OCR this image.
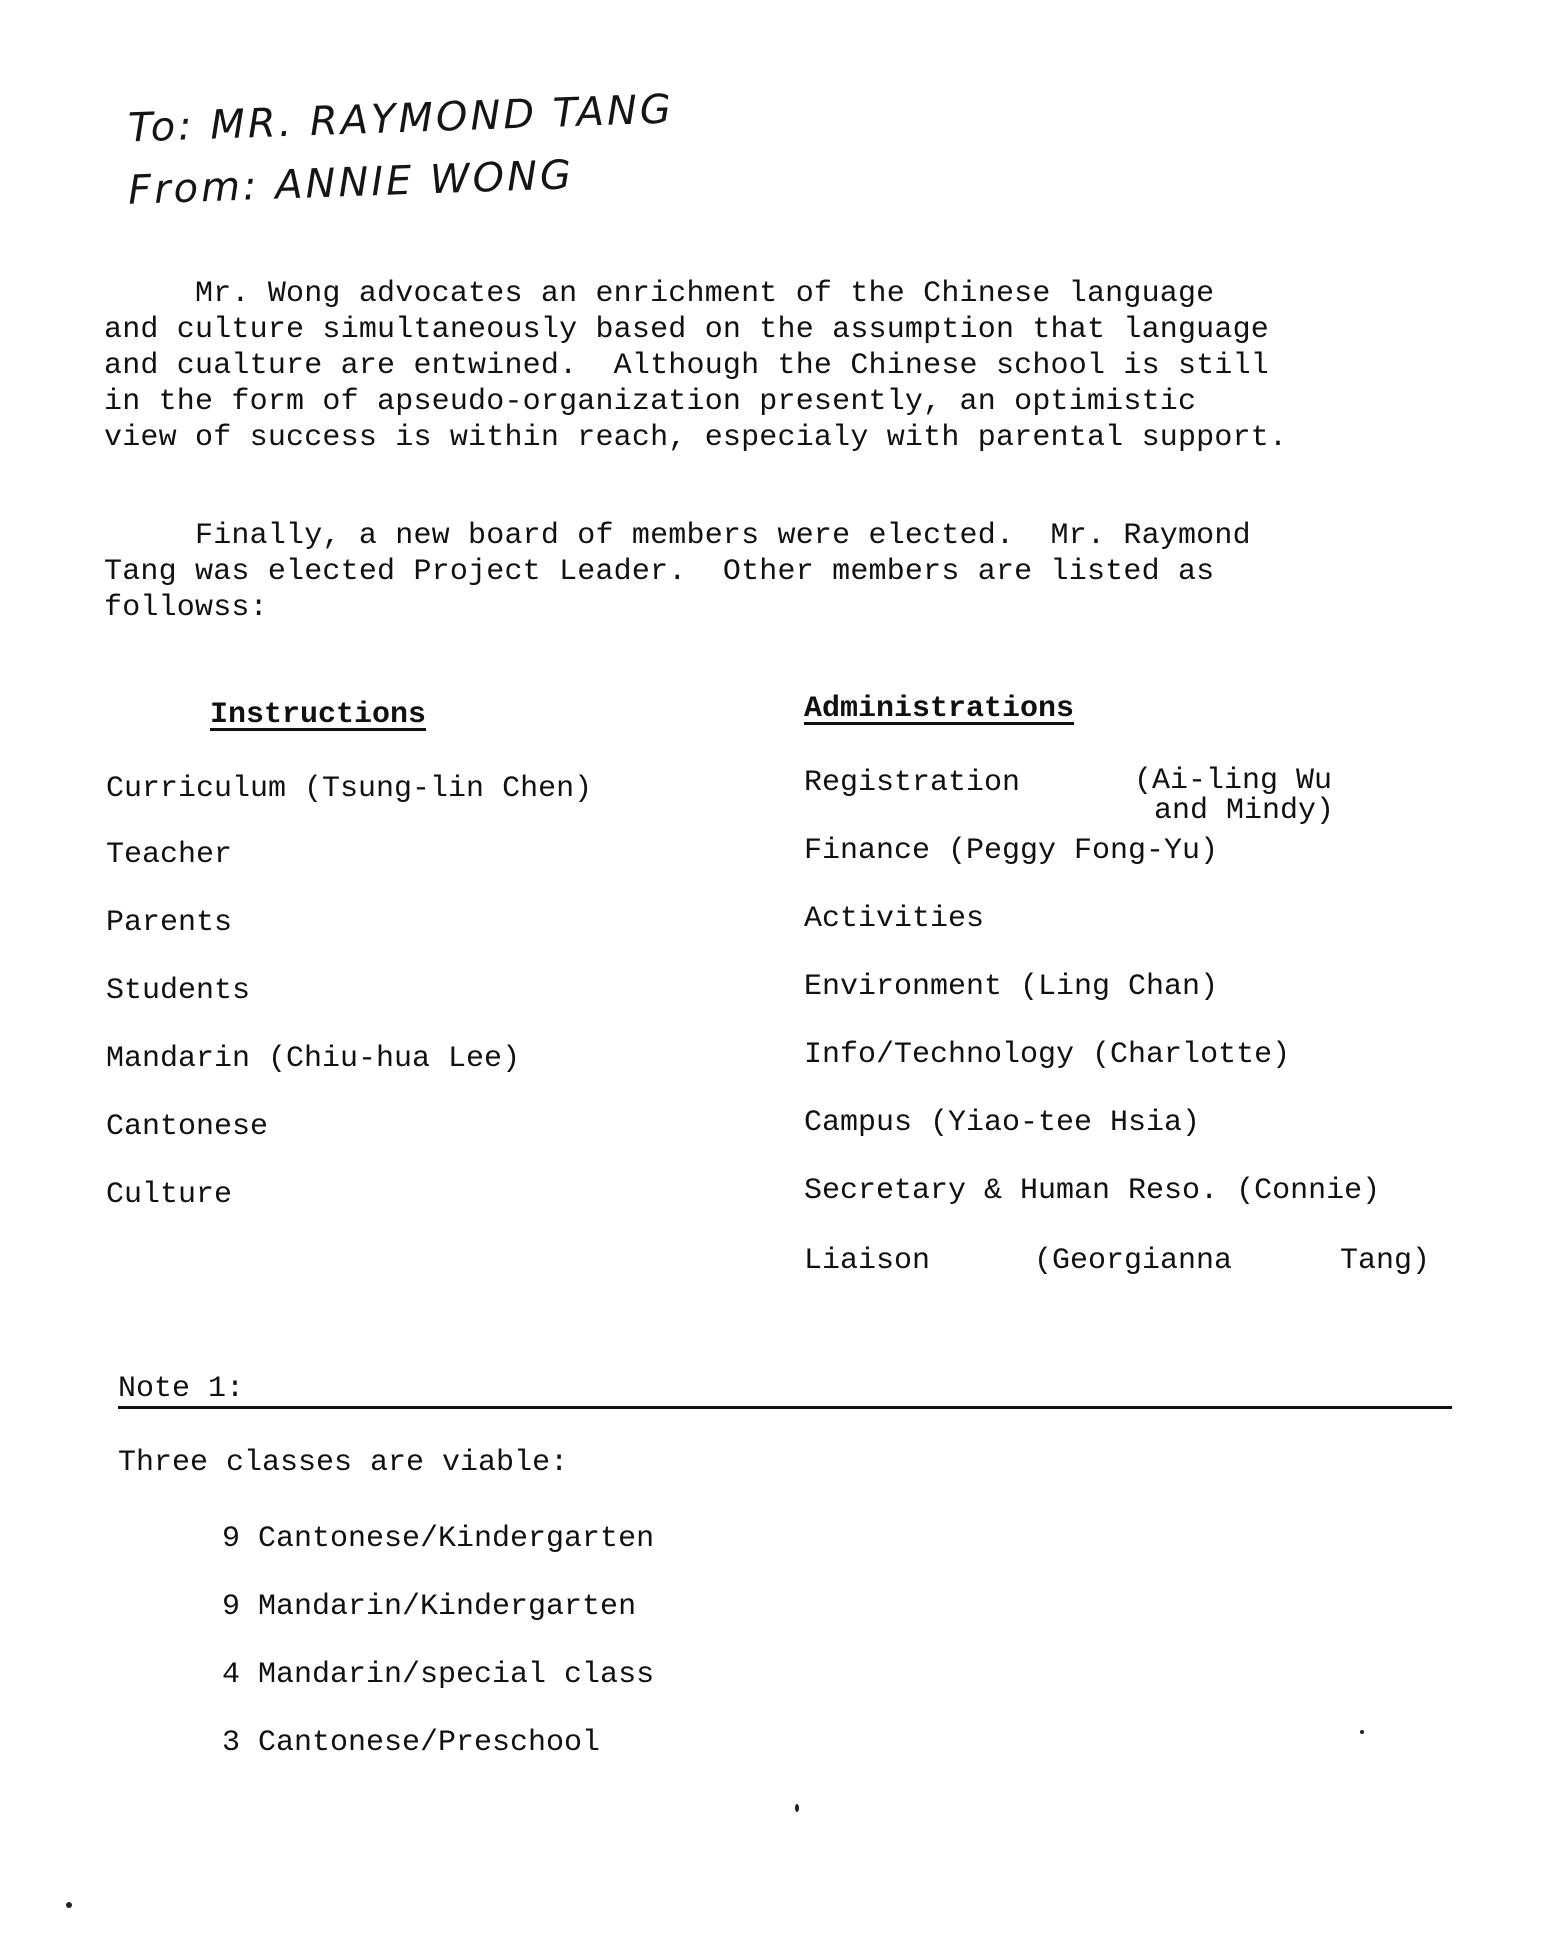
To: MR. RAYMOND TANG
From: ANNIE WONG

Mr. Wong advocates an enrichment of the Chinese language
and culture simultaneously based on the assumption that language
and cualture are entwined.  Although the Chinese school is still
in the form of apseudo-organization presently, an optimistic
view of success is within reach, especialy with parental support.

Finally, a new board of members were elected.  Mr. Raymond
Tang was elected Project Leader.  Other members are listed as
followss:

Instructions
Curriculum (Tsung-lin Chen)
Teacher
Parents
Students
Mandarin (Chiu-hua Lee)
Cantonese
Culture
Administrations
Registration	(Ai-ling Wu
and Mindy)
Finance (Peggy Fong-Yu)
Activities
Environment (Ling Chan)
Info/Technology (Charlotte)
Campus (Yiao-tee Hsia)
Secretary & Human Reso. (Connie)
Liaison	(Georgianna	Tang)
Note 1:
Three classes are viable:
9 Cantonese/Kindergarten
9 Mandarin/Kindergarten
4 Mandarin/special class
3 Cantonese/Preschool
